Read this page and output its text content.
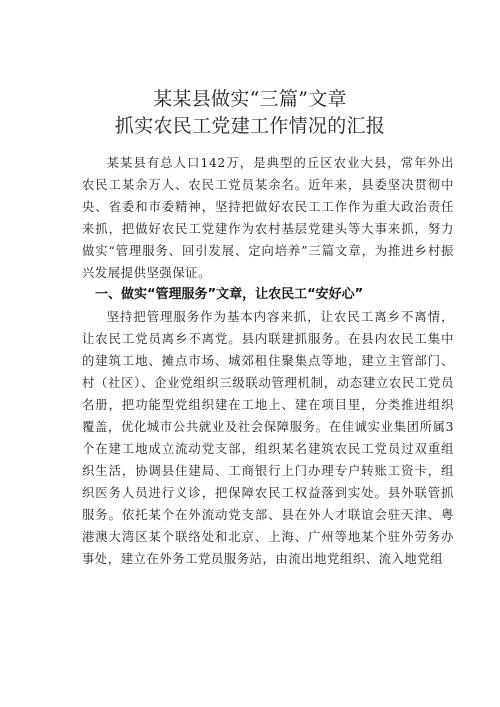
某某县做实“三篇”文章
抓实农民工党建工作情况的汇报

某某县有总人口142万，是典型的丘区农业大县，常年外出农民工某余万人、农民工党员某余名。近年来，县委坚决贯彻中央、省委和市委精神，坚持把做好农民工工作作为重大政治责任来抓，把做好农民工党建作为农村基层党建头等大事来抓，努力做实“管理服务、回引发展、定向培养”三篇文章，为推进乡村振兴发展提供坚强保证。

一、做实“管理服务”文章，让农民工“安好心”

坚持把管理服务作为基本内容来抓，让农民工离乡不离情，让农民工党员离乡不离党。县内联建抓服务。在县内农民工集中的建筑工地、摊点市场、城郊租住聚集点等地，建立主管部门、村（社区）、企业党组织三级联动管理机制，动态建立农民工党员名册，把功能型党组织建在工地上、建在项目里，分类推进组织覆盖，优化城市公共就业及社会保障服务。在佳诚实业集团所属3个在建工地成立流动党支部，组织某名建筑农民工党员过双重组织生活，协调县住建局、工商银行上门办理专户转账工资卡，组织医务人员进行义诊，把保障农民工权益落到实处。县外联管抓服务。依托某个在外流动党支部、县在外人才联谊会驻天津、粤港澳大湾区某个联络处和北京、上海、广州等地某个驻外劳务办事处，建立在外务工党员服务站，由流出地党组织、流入地党组
